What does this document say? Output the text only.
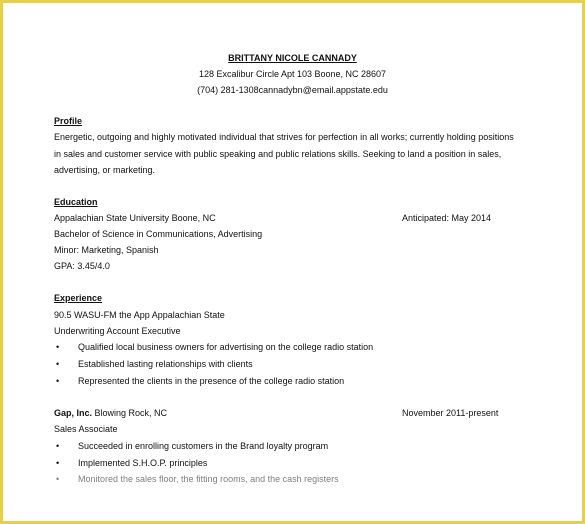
BRITTANY NICOLE CANNADY
128 Excalibur Circle Apt 103 Boone, NC 28607
(704) 281-1308cannadybn@email.appstate.edu
Profile
Energetic, outgoing and highly motivated individual that strives for perfection in all works; currently holding positions
in sales and customer service with public speaking and public relations skills. Seeking to land a position in sales,
advertising, or marketing.
Education
Appalachian State University Boone, NC	Anticipated: May 2014
Bachelor of Science in Communications, Advertising
Minor: Marketing, Spanish
GPA: 3.45/4.0
Experience
90.5 WASU-FM the App Appalachian State
Underwriting Account Executive
• Qualified local business owners for advertising on the college radio station
• Established lasting relationships with clients
• Represented the clients in the presence of the college radio station
Gap, Inc. Blowing Rock, NC	November 2011-present
Sales Associate
• Succeeded in enrolling customers in the Brand loyalty program
• Implemented S.H.O.P. principles
• Monitored the sales floor, the fitting rooms, and the cash registers
